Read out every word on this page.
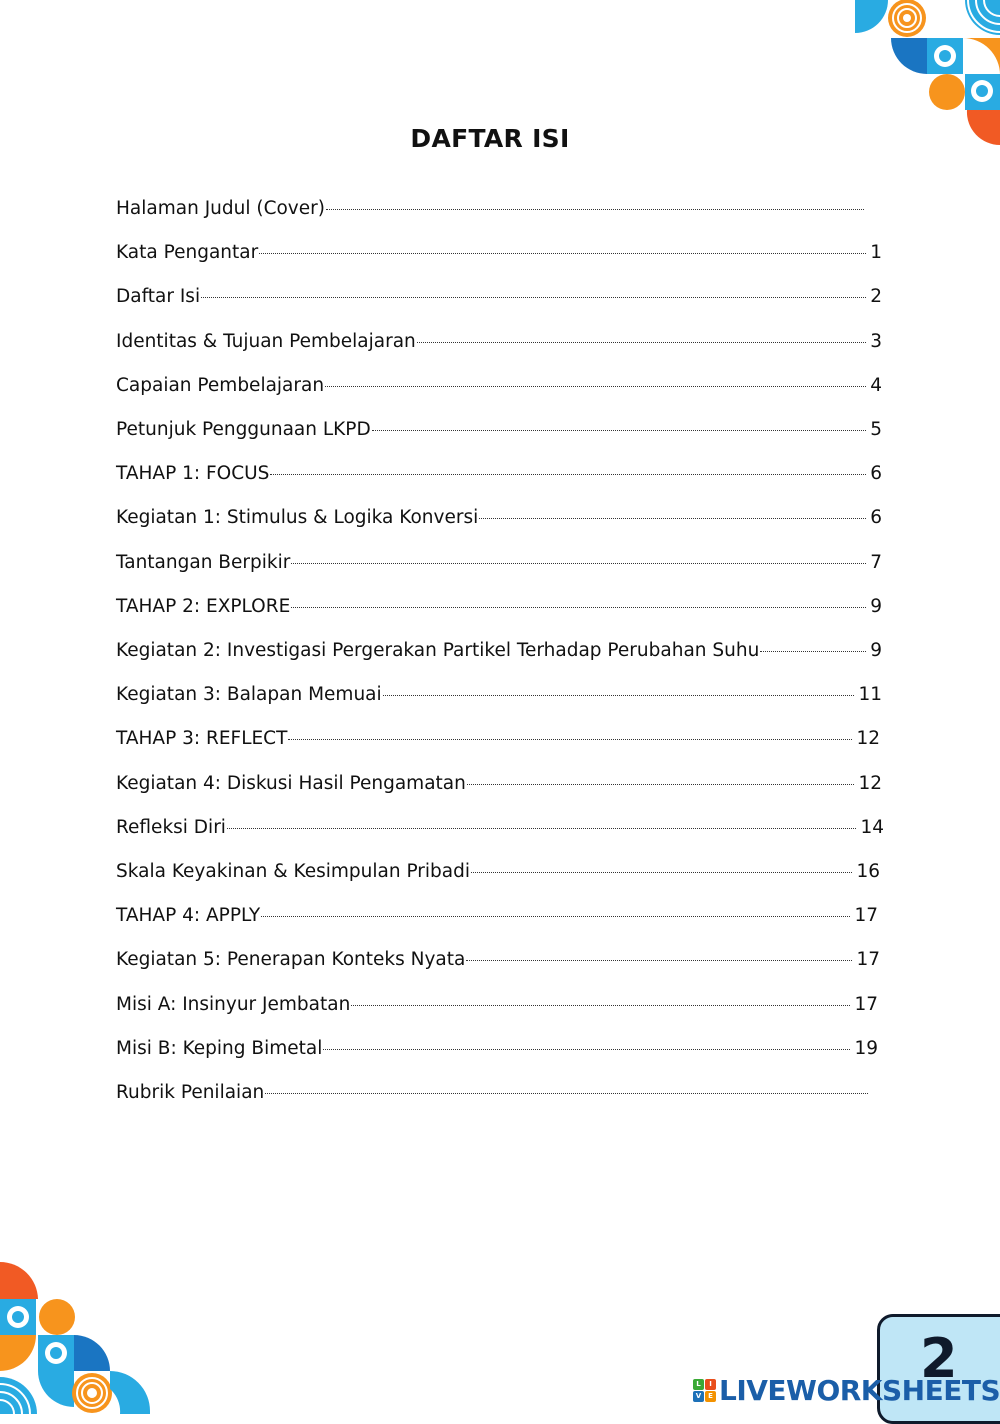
DAFTAR ISI
Halaman Judul (Cover)
Kata Pengantar	1
Daftar Isi	2
Identitas & Tujuan Pembelajaran	3
Capaian Pembelajaran	4
Petunjuk Penggunaan LKPD	5
TAHAP 1: FOCUS	6
Kegiatan 1: Stimulus & Logika Konversi	6
Tantangan Berpikir	7
TAHAP 2: EXPLORE	9
Kegiatan 2: Investigasi Pergerakan Partikel Terhadap Perubahan Suhu	9
Kegiatan 3: Balapan Memuai	11
TAHAP 3: REFLECT	12
Kegiatan 4: Diskusi Hasil Pengamatan	12
Refleksi Diri	14
Skala Keyakinan & Kesimpulan Pribadi	16
TAHAP 4: APPLY	17
Kegiatan 5: Penerapan Konteks Nyata	17
Misi A: Insinyur Jembatan	17
Misi B: Keping Bimetal	19
Rubrik Penilaian
2
L	I
V E LIVEWORKSHEETS
